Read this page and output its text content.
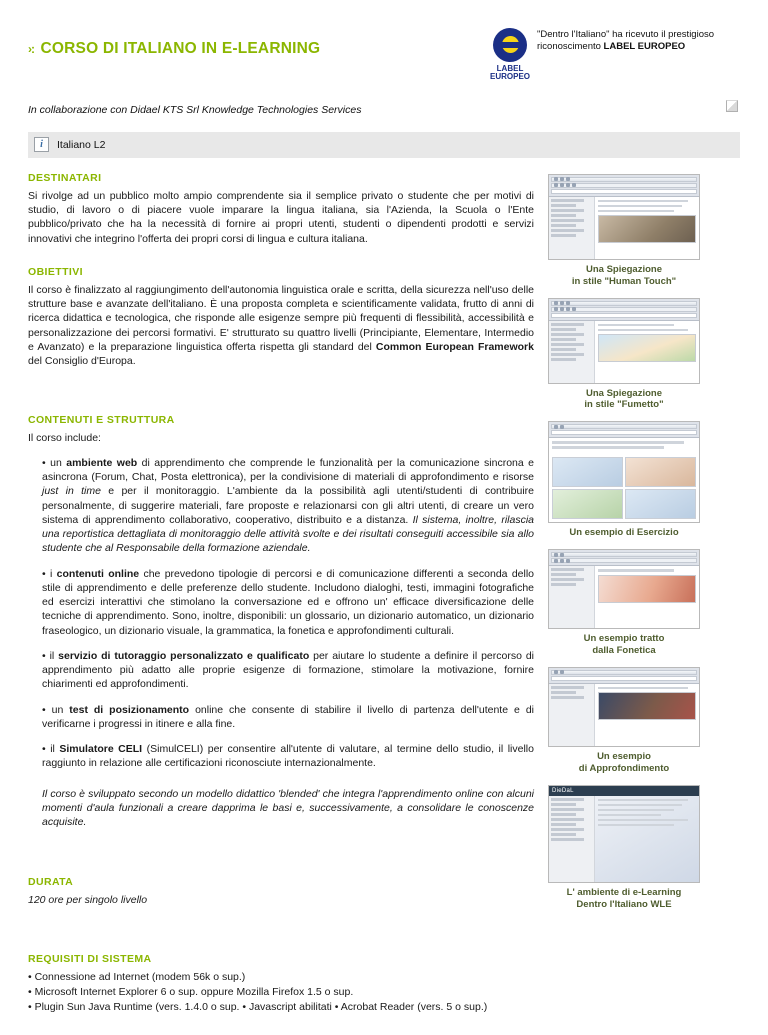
›: CORSO DI ITALIANO IN E-LEARNING
LABEL
EUROPEO
"Dentro l'Italiano" ha ricevuto il prestigioso riconoscimento LABEL EUROPEO
In collaborazione con Didael KTS Srl Knowledge Technologies Services
i	Italiano L2
DESTINATARI

Si rivolge ad un pubblico molto ampio comprendente sia il semplice privato o studente che per motivi di studio, di lavoro o di piacere vuole imparare la lingua italiana, sia l'Azienda, la Scuola o l'Ente pubblico/privato che ha la necessità di fornire ai propri utenti, studenti o dipendenti prodotti e servizi innovativi che integrino l'offerta dei propri corsi di lingua e cultura italiana.

OBIETTIVI

Il corso è finalizzato al raggiungimento dell'autonomia linguistica orale e scritta, della sicurezza nell'uso delle strutture base e avanzate dell'italiano. È una proposta completa e scientificamente validata, frutto di anni di ricerca didattica e tecnologica, che risponde alle esigenze sempre più frequenti di flessibilità, accessibilità e personalizzazione dei percorsi formativi. E' strutturato su quattro livelli (Principiante, Elementare, Intermedio e Avanzato) e la preparazione linguistica offerta rispetta gli standard del Common European Framework del Consiglio d'Europa.

CONTENUTI E STRUTTURA

Il corso include:

• un ambiente web di apprendimento che comprende le funzionalità per la comunicazione sincrona e asincrona (Forum, Chat, Posta elettronica), per la condivisione di materiali di approfondimento e risorse just in time e per il monitoraggio. L'ambiente da la possibilità agli utenti/studenti di contribuire personalmente, di suggerire materiali, fare proposte e relazionarsi con gli altri utenti, di creare un vero sistema di apprendimento collaborativo, cooperativo, distribuito e a distanza. Il sistema, inoltre, rilascia una reportistica dettagliata di monitoraggio delle attività svolte e dei risultati conseguiti accessibile sia allo studente che al Responsabile della formazione aziendale.

• i contenuti online che prevedono tipologie di percorsi e di comunicazione differenti a seconda dello stile di apprendimento e delle preferenze dello studente. Includono dialoghi, testi, immagini fotografiche ed esercizi interattivi che stimolano la conversazione ed e offrono un' efficace diversificazione delle tecniche di apprendimento. Sono, inoltre, disponibili: un glossario, un dizionario automatico, un dizionario fraseologico, un dizionario visuale, la grammatica, la fonetica e approfondimenti culturali.

• il servizio di tutoraggio personalizzato e qualificato per aiutare lo studente a definire il percorso di apprendimento più adatto alle proprie esigenze di formazione, stimolare la motivazione, fornire chiarimenti ed approfondimenti.

• un test di posizionamento online che consente di stabilire il livello di partenza dell'utente e di verificarne i progressi in itinere e alla fine.

• il Simulatore CELI (SimulCELI) per consentire all'utente di valutare, al termine dello studio, il livello raggiunto in relazione alle certificazioni riconosciute internazionalmente.

Il corso è sviluppato secondo un modello didattico 'blended' che integra l'apprendimento online con alcuni momenti d'aula funzionali a creare dapprima le basi e, successivamente, a consolidare le conoscenze acquisite.
DURATA

120 ore per singolo livello

REQUISITI DI SISTEMA

• Connessione ad Internet (modem 56k o sup.)

• Microsoft Internet Explorer 6 o sup. oppure Mozilla Firefox 1.5 o sup.

• Plugin Sun Java Runtime (vers. 1.4.0 o sup. • Javascript abilitati • Acrobat Reader (vers. 5 o sup.)

Una Spiegazione
in stile "Human Touch"
Una Spiegazione
in stile "Fumetto"
Un esempio di Esercizio
Un esempio tratto
dalla Fonetica
Un esempio
di Approfondimento
DieDaL
L' ambiente di e-Learning
Dentro l'Italiano WLE
